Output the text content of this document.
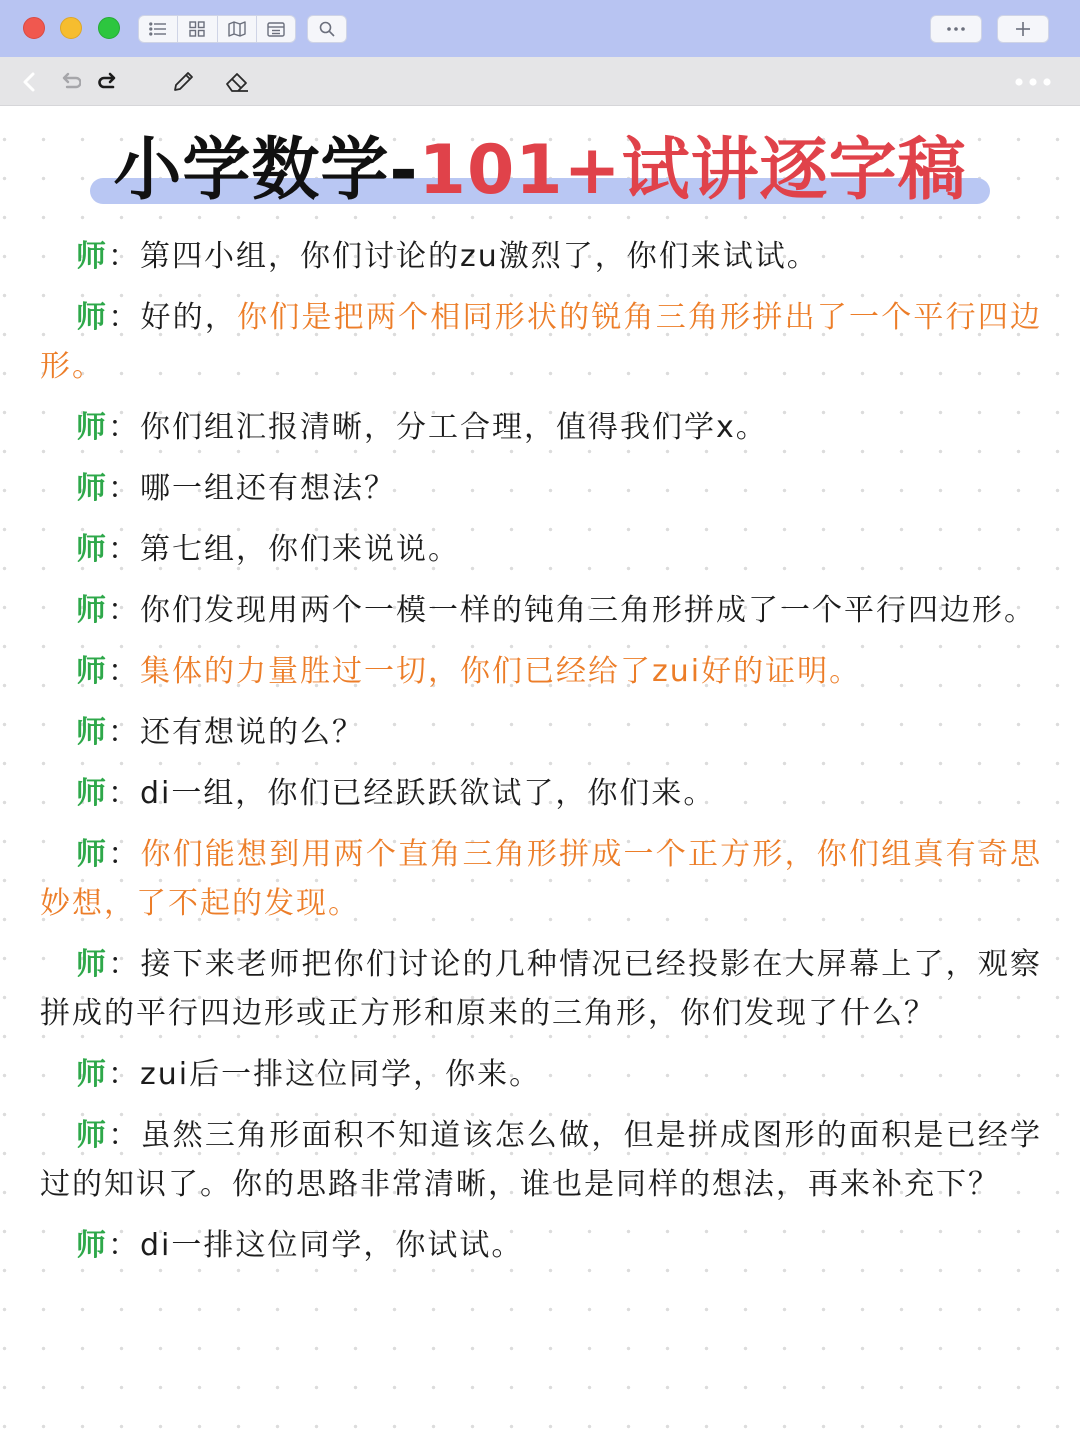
小学数学-101+试讲逐字稿
师：第四小组，你们讨论的zu激烈了，你们来试试。
师：好的，你们是把两个相同形状的锐角三角形拼出了一个平行四边形。
师：你们组汇报清晰，分工合理，值得我们学x。
师：哪一组还有想法？
师：第七组，你们来说说。
师：你们发现用两个一模一样的钝角三角形拼成了一个平行四边形。
师：集体的力量胜过一切，你们已经给了zui好的证明。
师：还有想说的么？
师：di一组，你们已经跃跃欲试了，你们来。
师：你们能想到用两个直角三角形拼成一个正方形，你们组真有奇思妙想，了不起的发现。
师：接下来老师把你们讨论的几种情况已经投影在大屏幕上了，观察拼成的平行四边形或正方形和原来的三角形，你们发现了什么？
师：zui后一排这位同学，你来。
师：虽然三角形面积不知道该怎么做，但是拼成图形的面积是已经学过的知识了。你的思路非常清晰，谁也是同样的想法，再来补充下？
师：di一排这位同学，你试试。
